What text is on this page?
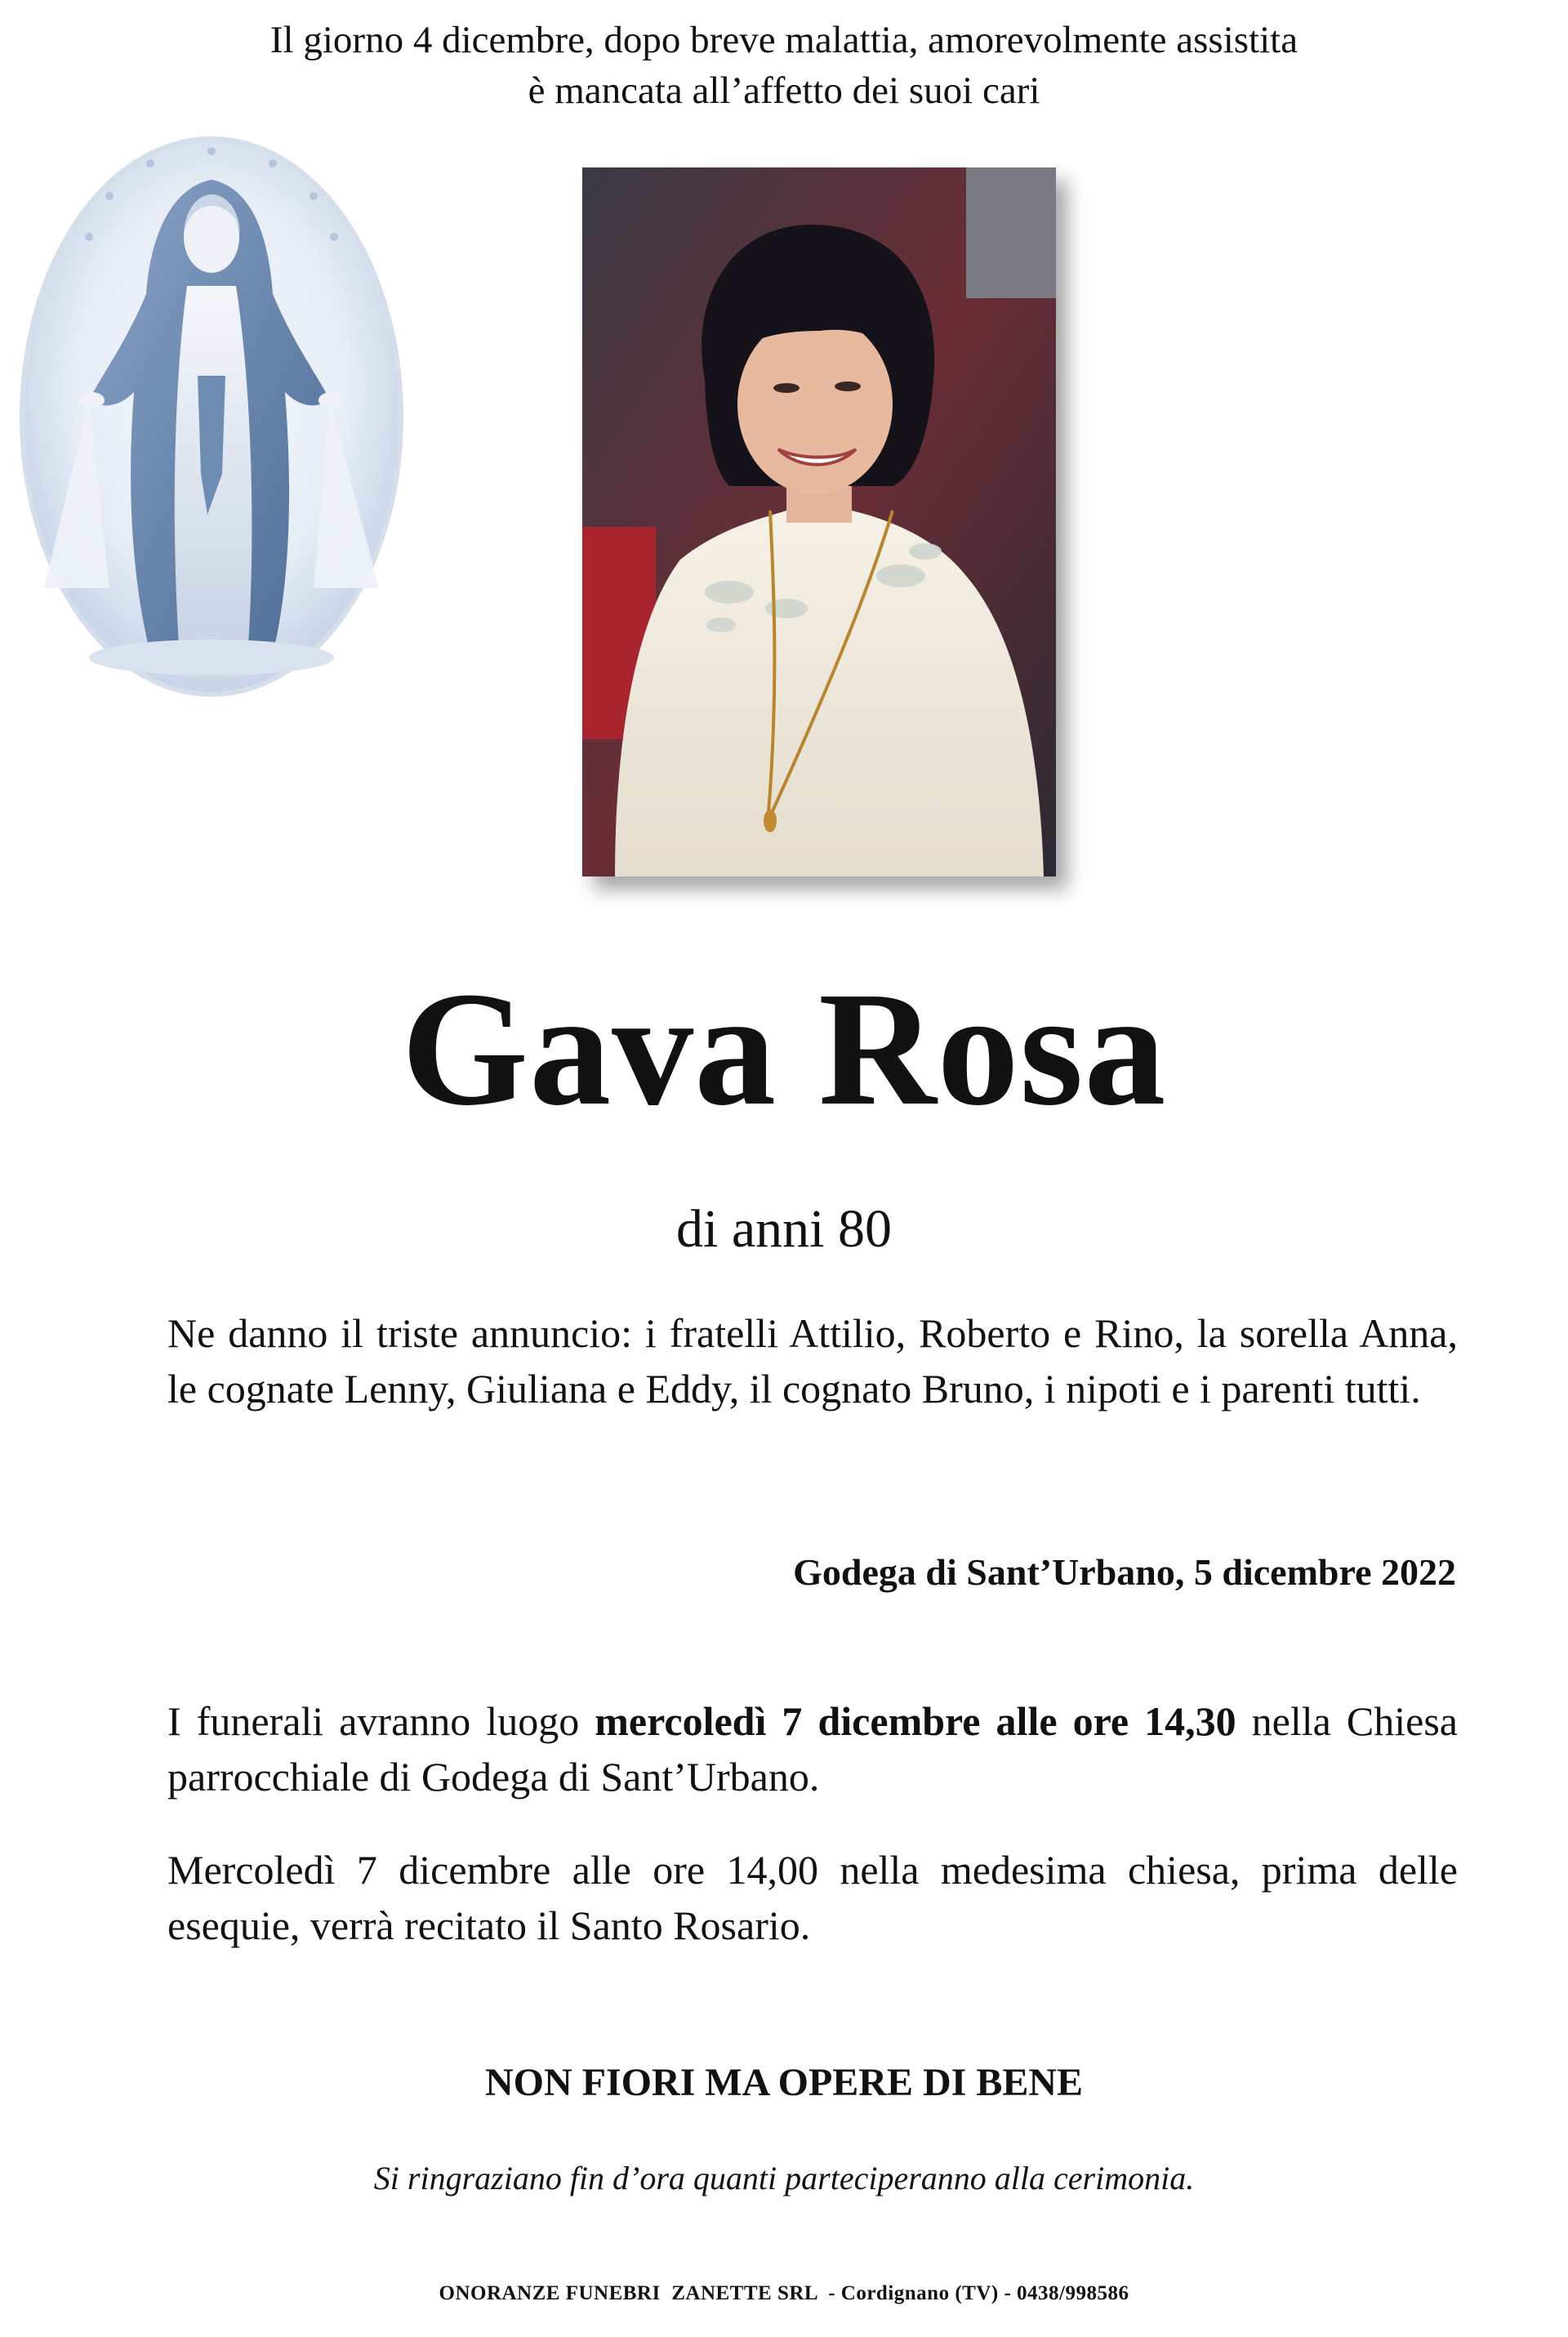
Il giorno 4 dicembre, dopo breve malattia, amorevolmente assistita
è mancata all’affetto dei suoi cari
Gava Rosa
di anni 80
Ne danno il triste annuncio: i fratelli Attilio, Roberto e Rino, la sorella Anna, le cognate Lenny, Giuliana e Eddy, il cognato Bruno, i nipoti e i parenti tutti.
Godega di Sant’Urbano, 5 dicembre 2022
I funerali avranno luogo mercoledì 7 dicembre alle ore 14,30 nella Chiesa parrocchiale di Godega di Sant’Urbano.
Mercoledì 7 dicembre alle ore 14,00 nella medesima chiesa, prima delle esequie, verrà recitato il Santo Rosario.
NON FIORI MA OPERE DI BENE
Si ringraziano fin d’ora quanti parteciperanno alla cerimonia.
ONORANZE FUNEBRI  ZANETTE SRL  - Cordignano (TV) - 0438/998586
